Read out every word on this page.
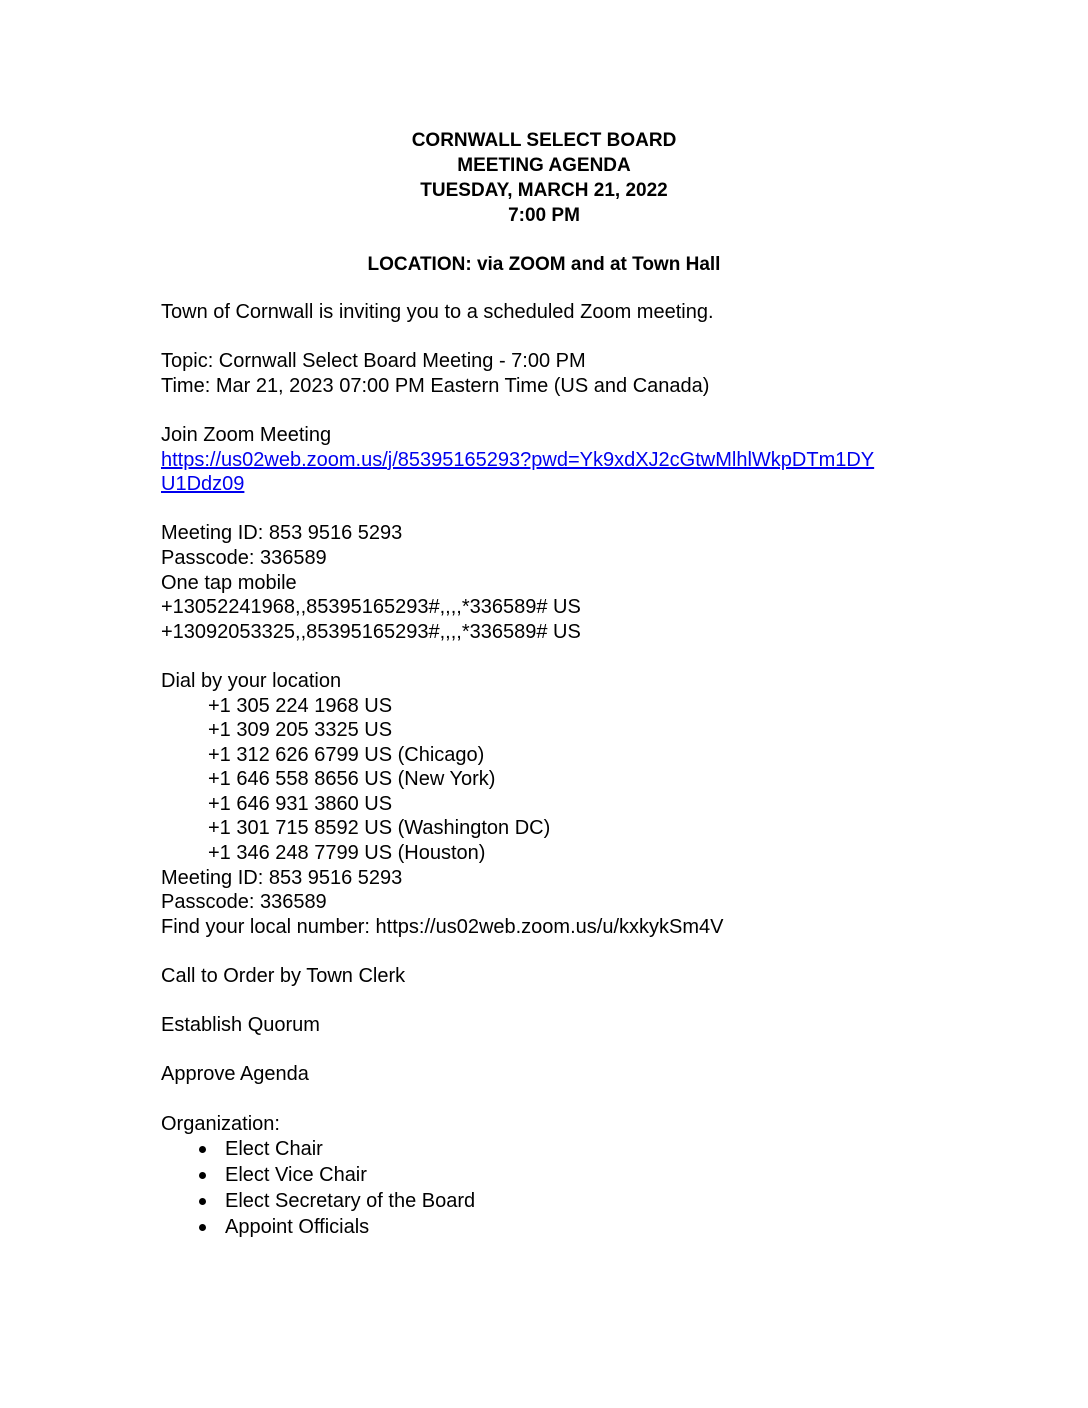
CORNWALL SELECT BOARD
MEETING AGENDA
TUESDAY, MARCH 21, 2022
7:00 PM
LOCATION: via ZOOM and at Town Hall
Town of Cornwall is inviting you to a scheduled Zoom meeting.
Topic: Cornwall Select Board Meeting - 7:00 PM
Time: Mar 21, 2023 07:00 PM Eastern Time (US and Canada)
Join Zoom Meeting
https://us02web.zoom.us/j/85395165293?pwd=Yk9xdXJ2cGtwMlhlWkpDTm1DY
U1Ddz09
Meeting ID: 853 9516 5293
Passcode: 336589
One tap mobile
+13052241968,,85395165293#,,,,*336589# US
+13092053325,,85395165293#,,,,*336589# US
Dial by your location
+1 305 224 1968 US
+1 309 205 3325 US
+1 312 626 6799 US (Chicago)
+1 646 558 8656 US (New York)
+1 646 931 3860 US
+1 301 715 8592 US (Washington DC)
+1 346 248 7799 US (Houston)
Meeting ID: 853 9516 5293
Passcode: 336589
Find your local number: https://us02web.zoom.us/u/kxkykSm4V
Call to Order by Town Clerk
Establish Quorum
Approve Agenda
Organization:
Elect Chair
Elect Vice Chair
Elect Secretary of the Board
Appoint Officials
